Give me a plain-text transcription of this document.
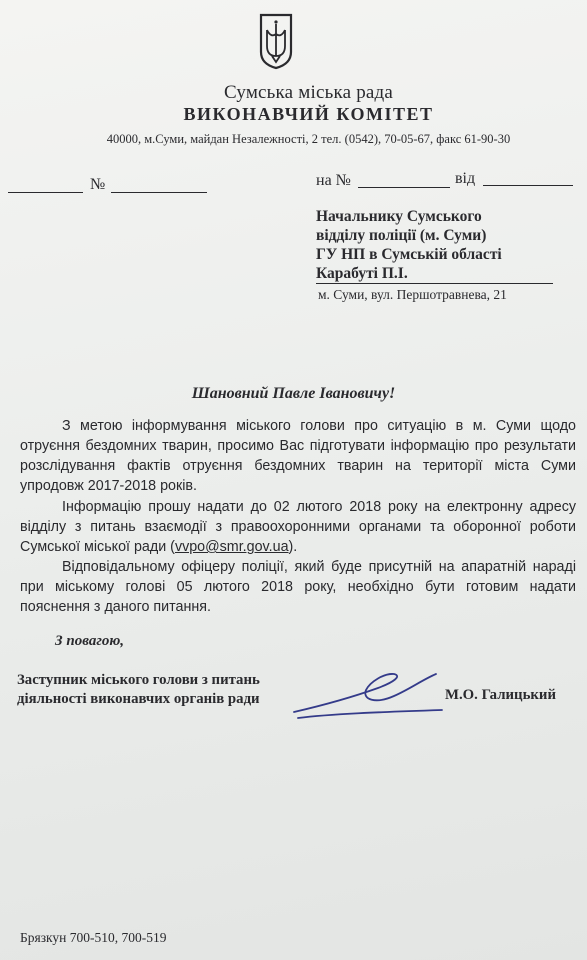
Сумська міська рада
ВИКОНАВЧИЙ КОМІТЕТ
40000, м.Суми, майдан Незалежності, 2 тел. (0542), 70-05-67, факс 61-90-30
№	на №	від
Начальнику Сумського
відділу поліції (м. Суми)
ГУ НП в Сумській області
Карабуті П.І.
м. Суми, вул. Першотравнева, 21
Шановний Павле Івановичу!

З метою інформування міського голови про ситуацію в м. Суми щодо отруєння бездомних тварин, просимо Вас підготувати інформацію про результати розслідування фактів отруєння бездомних тварин на території міста Суми упродовж 2017-2018 років.

Інформацію прошу надати до 02 лютого 2018 року на електронну адресу відділу з питань взаємодії з правоохоронними органами та оборонної роботи Сумської міської ради (vvpo@smr.gov.ua).

Відповідальному офіцеру поліції, який буде присутній на апаратній нараді при міському голові 05 лютого 2018 року, необхідно бути готовим надати пояснення з даного питання.

З повагою,
Заступник міського голови з питань
діяльності виконавчих органів ради	М.О. Галицький
Брязкун 700-510, 700-519
